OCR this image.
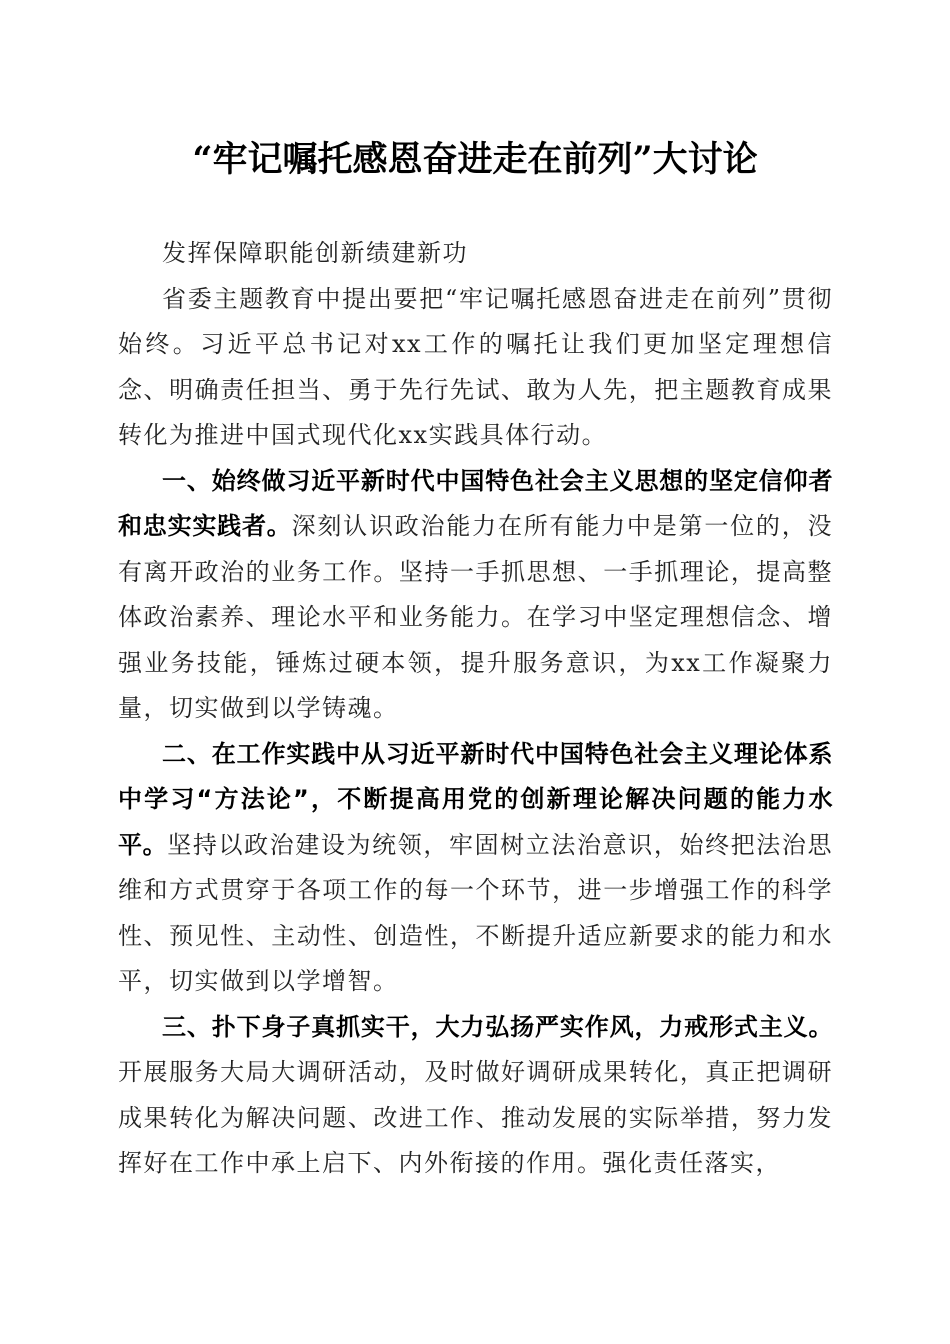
“牢记嘱托感恩奋进走在前列”大讨论

发挥保障职能创新绩建新功

省委主题教育中提出要把“牢记嘱托感恩奋进走在前列”贯彻始终。习近平总书记对xx工作的嘱托让我们更加坚定理想信念、明确责任担当、勇于先行先试、敢为人先，把主题教育成果转化为推进中国式现代化xx实践具体行动。

一、始终做习近平新时代中国特色社会主义思想的坚定信仰者和忠实实践者。深刻认识政治能力在所有能力中是第一位的，没有离开政治的业务工作。坚持一手抓思想、一手抓理论，提高整体政治素养、理论水平和业务能力。在学习中坚定理想信念、增强业务技能，锤炼过硬本领，提升服务意识，为xx工作凝聚力量，切实做到以学铸魂。

二、在工作实践中从习近平新时代中国特色社会主义理论体系中学习“方法论”，不断提高用党的创新理论解决问题的能力水平。坚持以政治建设为统领，牢固树立法治意识，始终把法治思维和方式贯穿于各项工作的每一个环节，进一步增强工作的科学性、预见性、主动性、创造性，不断提升适应新要求的能力和水平，切实做到以学增智。

三、扑下身子真抓实干，大力弘扬严实作风，力戒形式主义。开展服务大局大调研活动，及时做好调研成果转化，真正把调研成果转化为解决问题、改进工作、推动发展的实际举措，努力发挥好在工作中承上启下、内外衔接的作用。强化责任落实，
